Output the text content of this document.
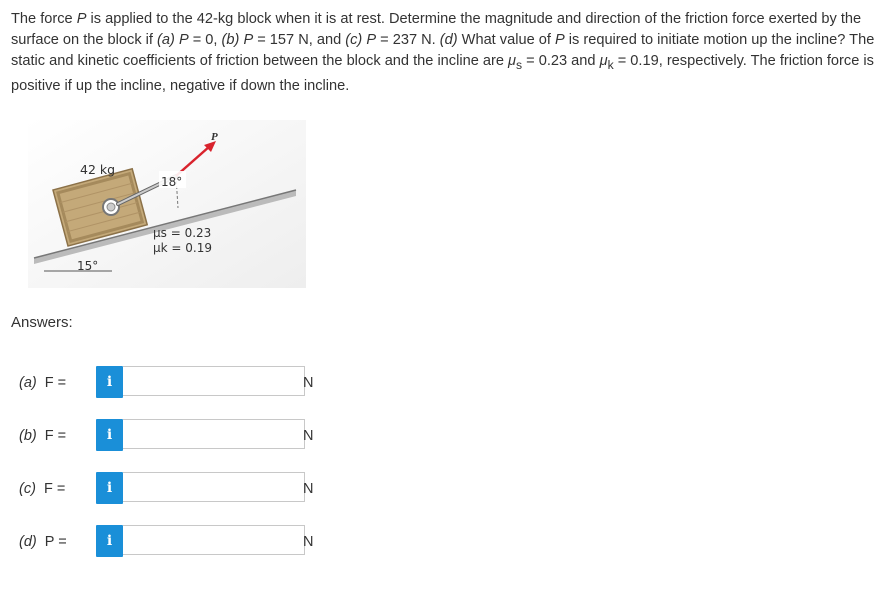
The force P is applied to the 42-kg block when it is at rest. Determine the magnitude and direction of the friction force exerted by the surface on the block if (a) P = 0, (b) P = 157 N, and (c) P = 237 N. (d) What value of P is required to initiate motion up the incline? The static and kinetic coefficients of friction between the block and the incline are $\mu_s = 0.23$ and $\mu_k = 0.19$, respectively. The friction force is positive if up the incline, negative if down the incline.
P
18°
42 kg
μs = 0.23
μk = 0.19
15°
Answers:
(a) F =	i	N
(b) F =	i	N
(c) F =	i	N
(d) P =	i	N
